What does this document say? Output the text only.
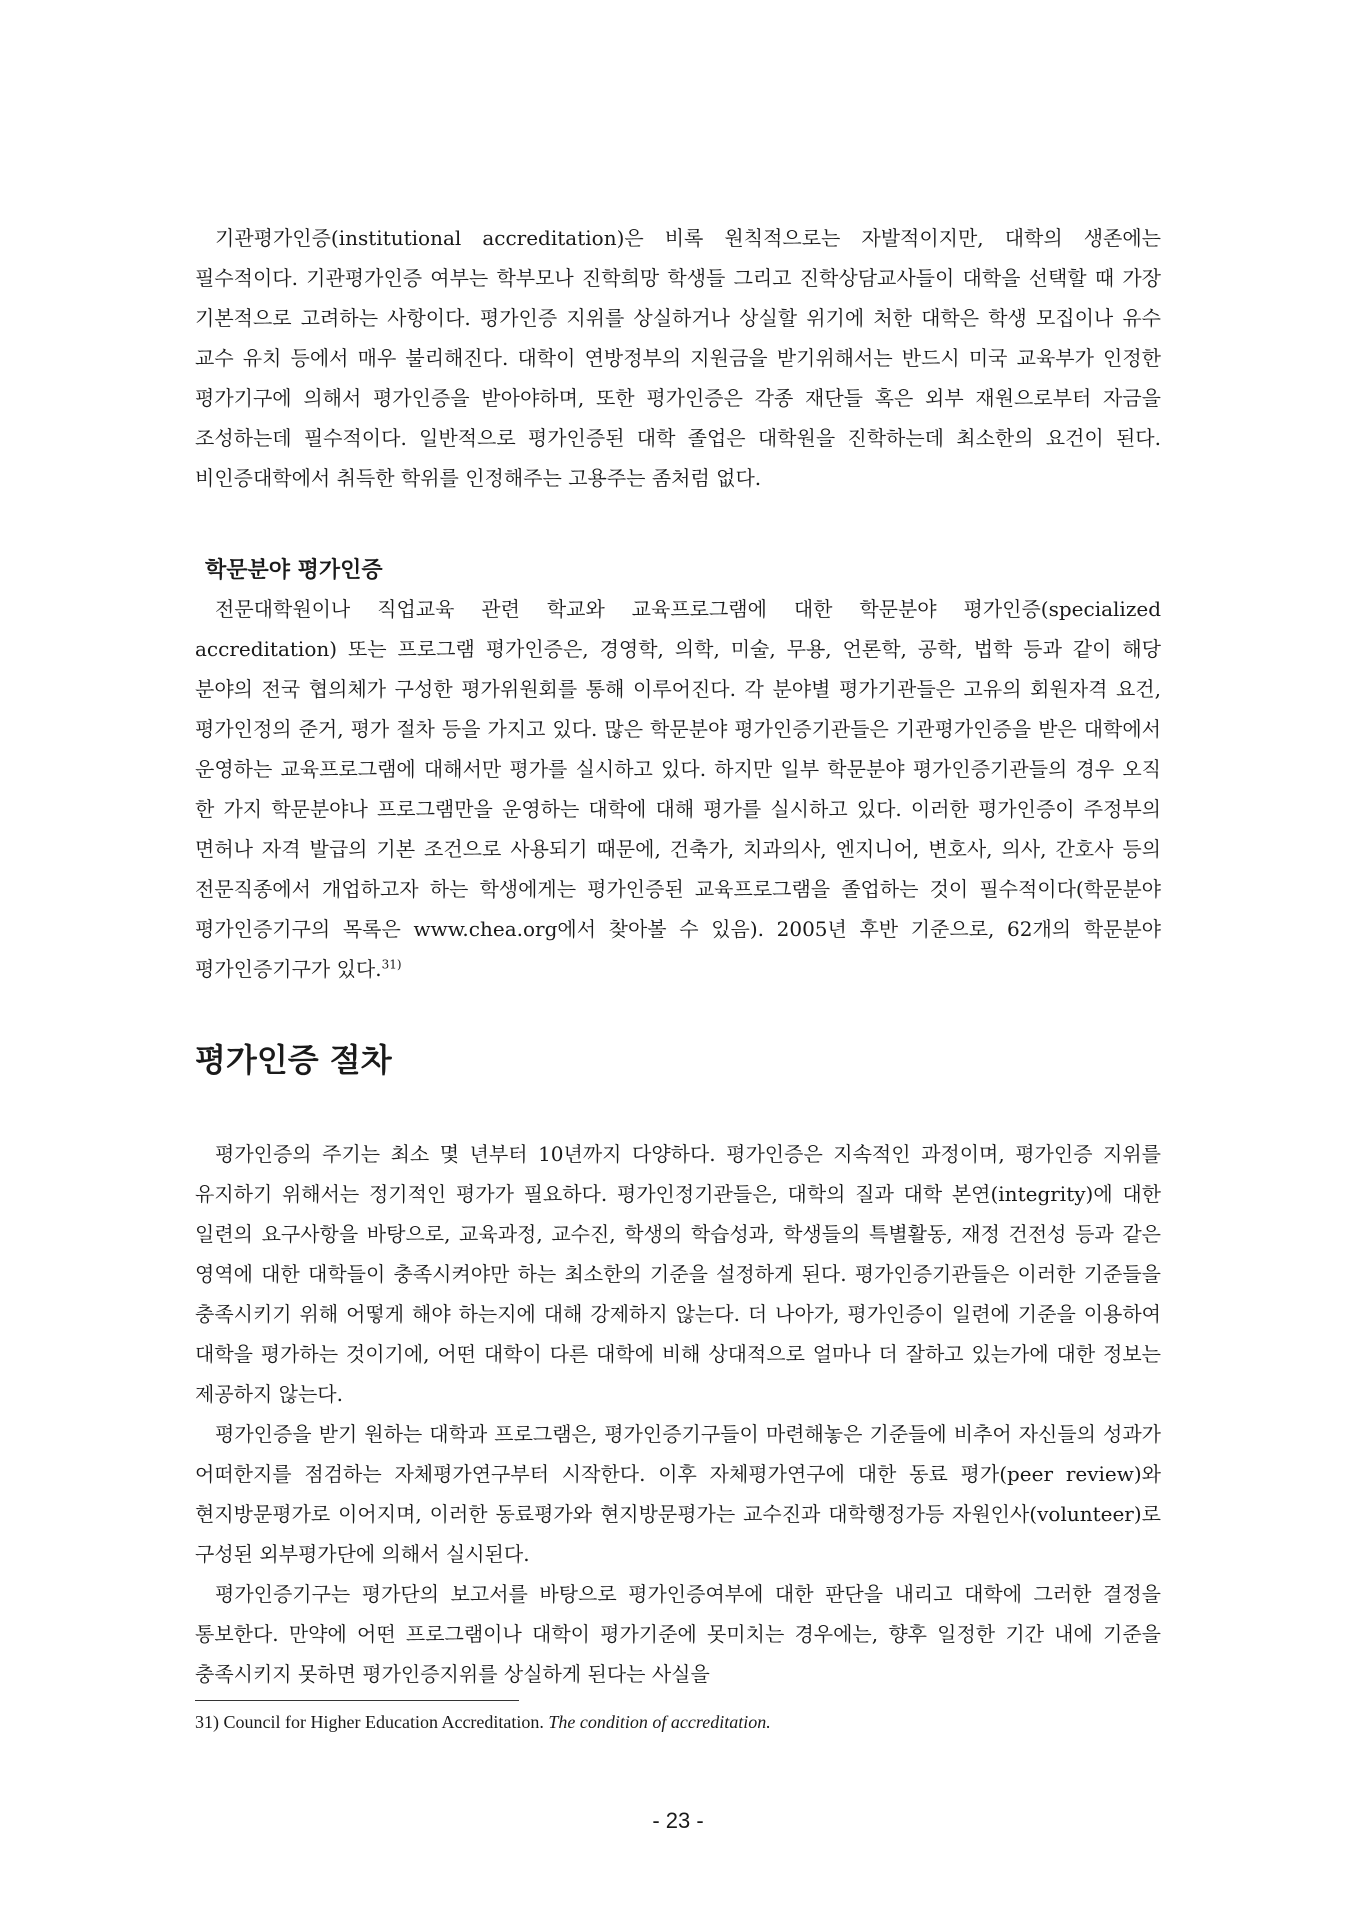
기관평가인증(institutional accreditation)은 비록 원칙적으로는 자발적이지만, 대학의 생존에는 필수적이다. 기관평가인증 여부는 학부모나 진학희망 학생들 그리고 진학상담교사들이 대학을 선택할 때 가장 기본적으로 고려하는 사항이다. 평가인증 지위를 상실하거나 상실할 위기에 처한 대학은 학생 모집이나 유수 교수 유치 등에서 매우 불리해진다. 대학이 연방정부의 지원금을 받기위해서는 반드시 미국 교육부가 인정한 평가기구에 의해서 평가인증을 받아야하며, 또한 평가인증은 각종 재단들 혹은 외부 재원으로부터 자금을 조성하는데 필수적이다. 일반적으로 평가인증된 대학 졸업은 대학원을 진학하는데 최소한의 요건이 된다. 비인증대학에서 취득한 학위를 인정해주는 고용주는 좀처럼 없다.

학문분야 평가인증

전문대학원이나 직업교육 관련 학교와 교육프로그램에 대한 학문분야 평가인증(specialized accreditation) 또는 프로그램 평가인증은, 경영학, 의학, 미술, 무용, 언론학, 공학, 법학 등과 같이 해당 분야의 전국 협의체가 구성한 평가위원회를 통해 이루어진다. 각 분야별 평가기관들은 고유의 회원자격 요건, 평가인정의 준거, 평가 절차 등을 가지고 있다. 많은 학문분야 평가인증기관들은 기관평가인증을 받은 대학에서 운영하는 교육프로그램에 대해서만 평가를 실시하고 있다. 하지만 일부 학문분야 평가인증기관들의 경우 오직 한 가지 학문분야나 프로그램만을 운영하는 대학에 대해 평가를 실시하고 있다. 이러한 평가인증이 주정부의 면허나 자격 발급의 기본 조건으로 사용되기 때문에, 건축가, 치과의사, 엔지니어, 변호사, 의사, 간호사 등의 전문직종에서 개업하고자 하는 학생에게는 평가인증된 교육프로그램을 졸업하는 것이 필수적이다(학문분야 평가인증기구의 목록은 www.chea.org에서 찾아볼 수 있음). 2005년 후반 기준으로, 62개의 학문분야 평가인증기구가 있다.$^{31)}$

평가인증 절차

평가인증의 주기는 최소 몇 년부터 10년까지 다양하다. 평가인증은 지속적인 과정이며, 평가인증 지위를 유지하기 위해서는 정기적인 평가가 필요하다. 평가인정기관들은, 대학의 질과 대학 본연(integrity)에 대한 일련의 요구사항을 바탕으로, 교육과정, 교수진, 학생의 학습성과, 학생들의 특별활동, 재정 건전성 등과 같은 영역에 대한 대학들이 충족시켜야만 하는 최소한의 기준을 설정하게 된다. 평가인증기관들은 이러한 기준들을 충족시키기 위해 어떻게 해야 하는지에 대해 강제하지 않는다. 더 나아가, 평가인증이 일련에 기준을 이용하여 대학을 평가하는 것이기에, 어떤 대학이 다른 대학에 비해 상대적으로 얼마나 더 잘하고 있는가에 대한 정보는 제공하지 않는다.

평가인증을 받기 원하는 대학과 프로그램은, 평가인증기구들이 마련해놓은 기준들에 비추어 자신들의 성과가 어떠한지를 점검하는 자체평가연구부터 시작한다. 이후 자체평가연구에 대한 동료 평가(peer review)와 현지방문평가로 이어지며, 이러한 동료평가와 현지방문평가는 교수진과 대학행정가등 자원인사(volunteer)로 구성된 외부평가단에 의해서 실시된다.

평가인증기구는 평가단의 보고서를 바탕으로 평가인증여부에 대한 판단을 내리고 대학에 그러한 결정을 통보한다. 만약에 어떤 프로그램이나 대학이 평가기준에 못미치는 경우에는, 향후 일정한 기간 내에 기준을 충족시키지 못하면 평가인증지위를 상실하게 된다는 사실을

31) Council for Higher Education Accreditation. The condition of accreditation.
- 23 -
